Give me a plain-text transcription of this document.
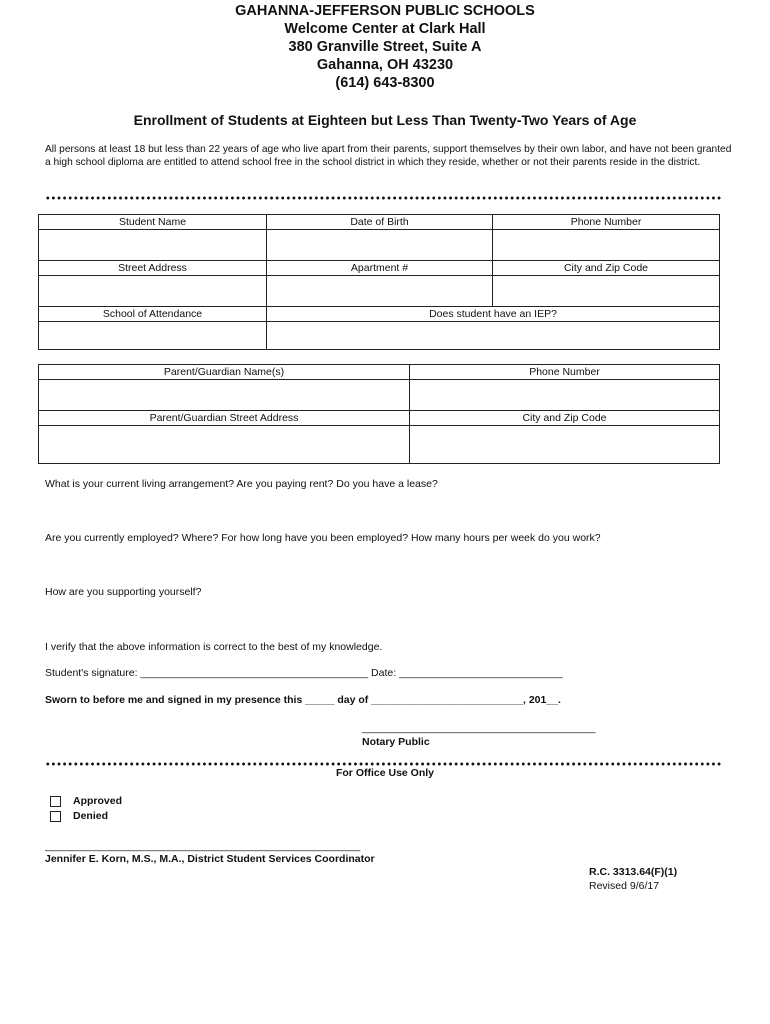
GAHANNA-JEFFERSON PUBLIC SCHOOLS
Welcome Center at Clark Hall
380 Granville Street, Suite A
Gahanna, OH 43230
(614) 643-8300
Enrollment of Students at Eighteen but Less Than Twenty-Two Years of Age
All persons at least 18 but less than 22 years of age who live apart from their parents, support themselves by their own labor, and have not been granted a high school diploma are entitled to attend school free in the school district in which they reside, whether or not their parents reside in the district.
Student Name	Date of Birth	Phone Number

Street Address	Apartment #	City and Zip Code

School of Attendance	Does student have an IEP?	

Parent/Guardian Name(s)	Phone Number

Parent/Guardian Street Address	City and Zip Code

What is your current living arrangement? Are you paying rent? Do you have a lease?
Are you currently employed? Where? For how long have you been employed? How many hours per week do you work?
How are you supporting yourself?
I verify that the above information is correct to the best of my knowledge.
Student's signature: _______________________________________ Date: ____________________________
Sworn to before me and signed in my presence this _____ day of __________________________, 201__.
________________________________________
Notary Public
For Office Use Only
Approved
Denied
______________________________________________________
Jennifer E. Korn, M.S., M.A., District Student Services Coordinator
R.C. 3313.64(F)(1)
Revised 9/6/17
